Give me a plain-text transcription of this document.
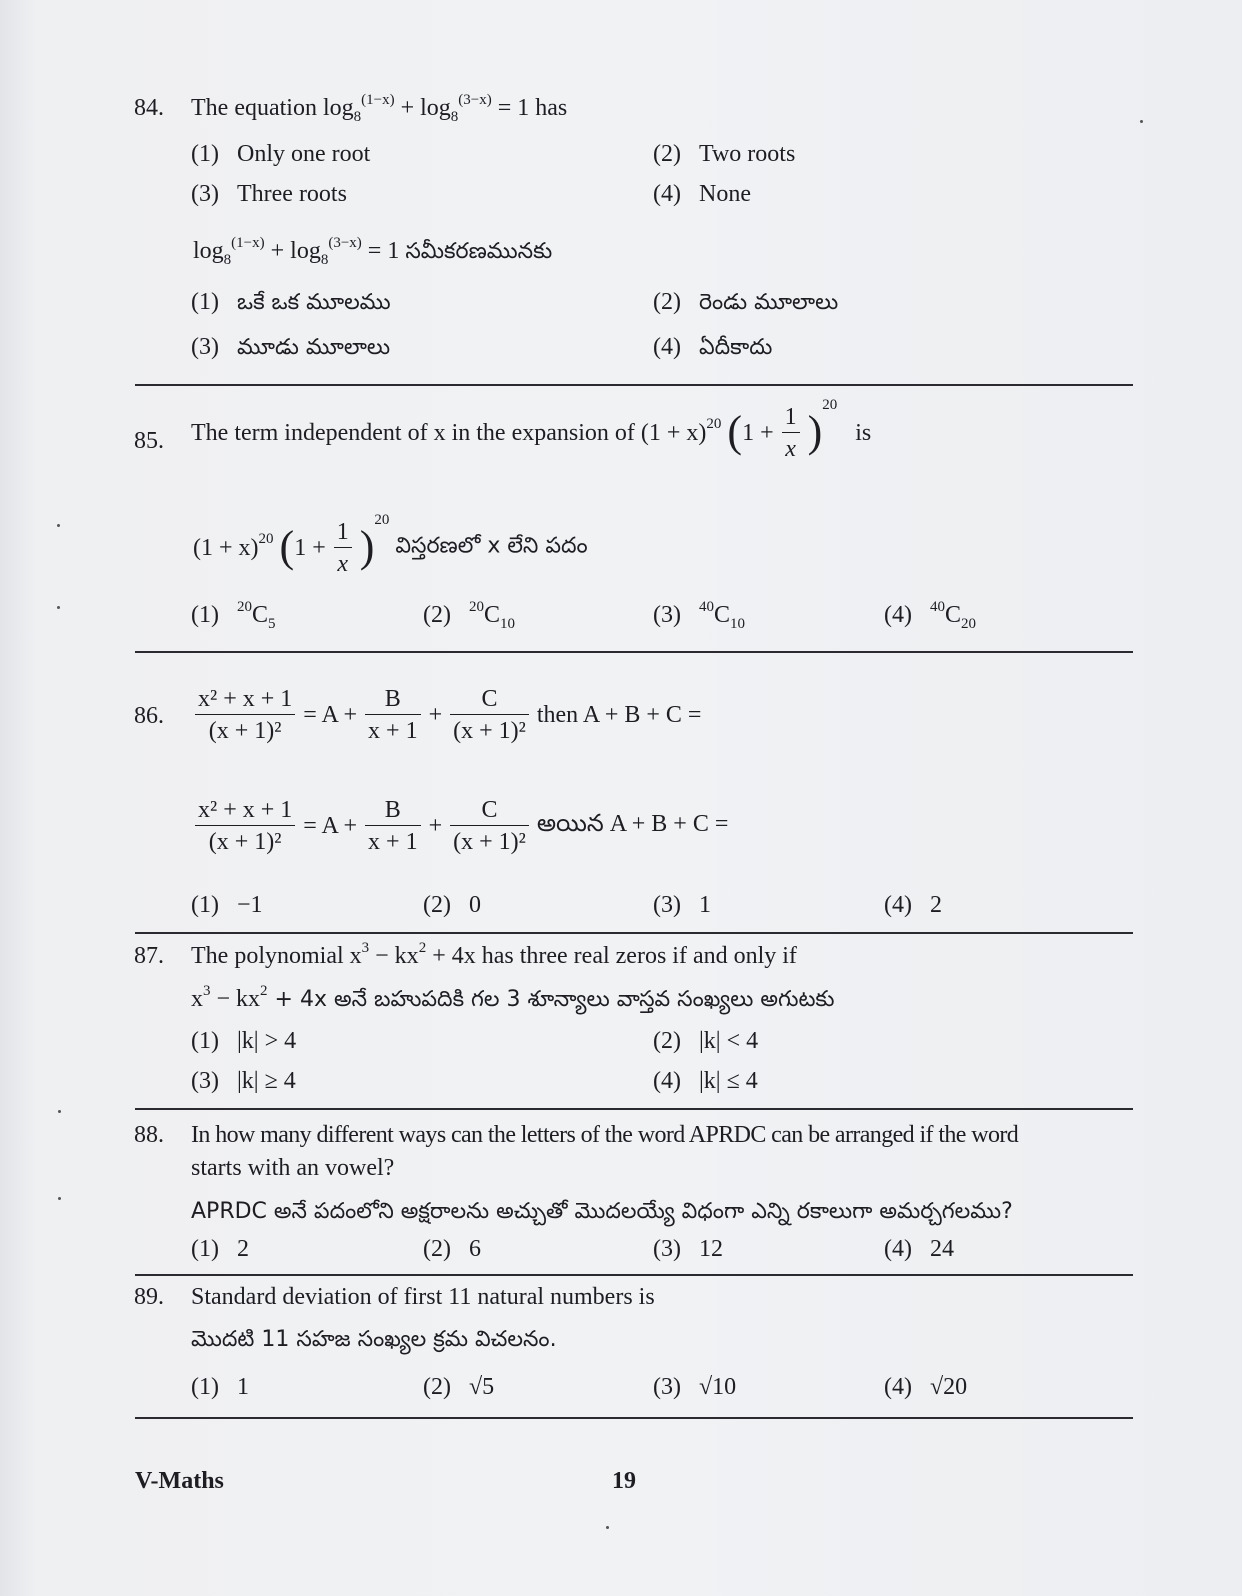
84. The equation $\log_8^{(1-x)} + \log_8^{(3-x)} = 1$ has
(1) Only one root	(2) Two roots
(3) Three roots	(4) None
$\log_8^{(1-x)} + \log_8^{(3-x)} = 1$ సమీకరణమునకు
(1) ఒకే ఒక మూలము	(2) రెండు మూలాలు
(3) మూడు మూలాలు	(4) ఏదీకాదు
85. The term independent of x in the expansion of $(1 + x)^{20}$ $(1 + \frac{1}{x} )^{20}$   is
$(1 + x)^{20}$ $(1 + \frac{1}{x} )^{20}$ విస్తరణలో x లేని పదం
(1) $^{20}C_5$	(2) $^{20}C_{10}$	(3) $^{40}C_{10}$	(4) $^{40}C_{20}$
86. $\frac{\text{x² + x + 1}}{\text{(x + 1)²}} = A + \frac{B}{x + 1} + \frac{C}{\text{(x + 1)²}}$ then A + B + C =
$\frac{\text{x² + x + 1}}{\text{(x + 1)²}} = A + \frac{B}{x + 1} + \frac{C}{\text{(x + 1)²}}$ అయిన A + B + C =
(1) −1	(2) 0	(3) 1	(4) 2
87. The polynomial $x^3 - kx^2 + 4x$ has three real zeros if and only if
$x^3 - kx^2 + 4x$ అనే బహుపదికి గల 3 శూన్యాలు వాస్తవ సంఖ్యలు అగుటకు
(1) |k| > 4	(2) |k| < 4
(3) |k| ≥ 4	(4) |k| ≤ 4
88. In how many different ways can the letters of the word APRDC can be arranged if the word
starts with an vowel?
APRDC అనే పదంలోని అక్షరాలను అచ్చుతో మొదలయ్యే విధంగా ఎన్ని రకాలుగా అమర్చగలము?
(1) 2	(2) 6	(3) 12	(4) 24
89. Standard deviation of first 11 natural numbers is
మొదటి 11 సహజ సంఖ్యల క్రమ విచలనం.
(1) 1	(2) √5	(3) √10	(4) √20
V-Maths	19
